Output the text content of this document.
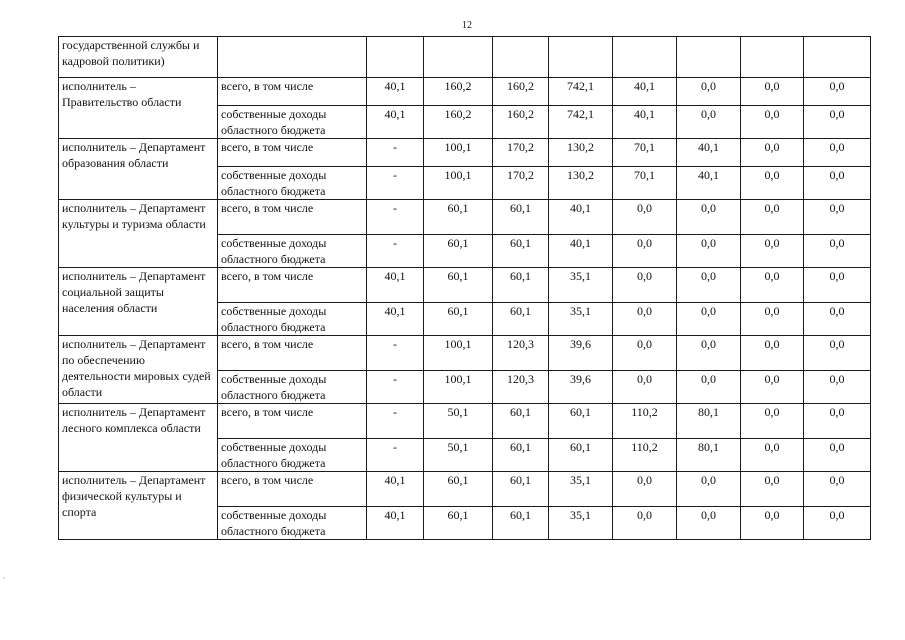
12
государственной службы и кадровой политики)									
исполнитель – Правительство области	всего, в том числе	40,1	160,2	160,2	742,1	40,1	0,0	0,0	0,0
	собственные доходы областного бюджета	40,1	160,2	160,2	742,1	40,1	0,0	0,0	0,0
исполнитель – Департамент образования области	всего, в том числе	-	100,1	170,2	130,2	70,1	40,1	0,0	0,0
	собственные доходы областного бюджета	-	100,1	170,2	130,2	70,1	40,1	0,0	0,0
исполнитель – Департамент культуры и туризма области	всего, в том числе	-	60,1	60,1	40,1	0,0	0,0	0,0	0,0
	собственные доходы областного бюджета	-	60,1	60,1	40,1	0,0	0,0	0,0	0,0
исполнитель – Департамент социальной защиты населения области	всего, в том числе	40,1	60,1	60,1	35,1	0,0	0,0	0,0	0,0
	собственные доходы областного бюджета	40,1	60,1	60,1	35,1	0,0	0,0	0,0	0,0
исполнитель – Департамент по обеспечению деятельности мировых судей области	всего, в том числе	-	100,1	120,3	39,6	0,0	0,0	0,0	0,0
	собственные доходы областного бюджета	-	100,1	120,3	39,6	0,0	0,0	0,0	0,0
исполнитель – Департамент лесного комплекса области	всего, в том числе	-	50,1	60,1	60,1	110,2	80,1	0,0	0,0
	собственные доходы областного бюджета	-	50,1	60,1	60,1	110,2	80,1	0,0	0,0
исполнитель – Департамент физической культуры и спорта	всего, в том числе	40,1	60,1	60,1	35,1	0,0	0,0	0,0	0,0
	собственные доходы областного бюджета	40,1	60,1	60,1	35,1	0,0	0,0	0,0	0,0
,
